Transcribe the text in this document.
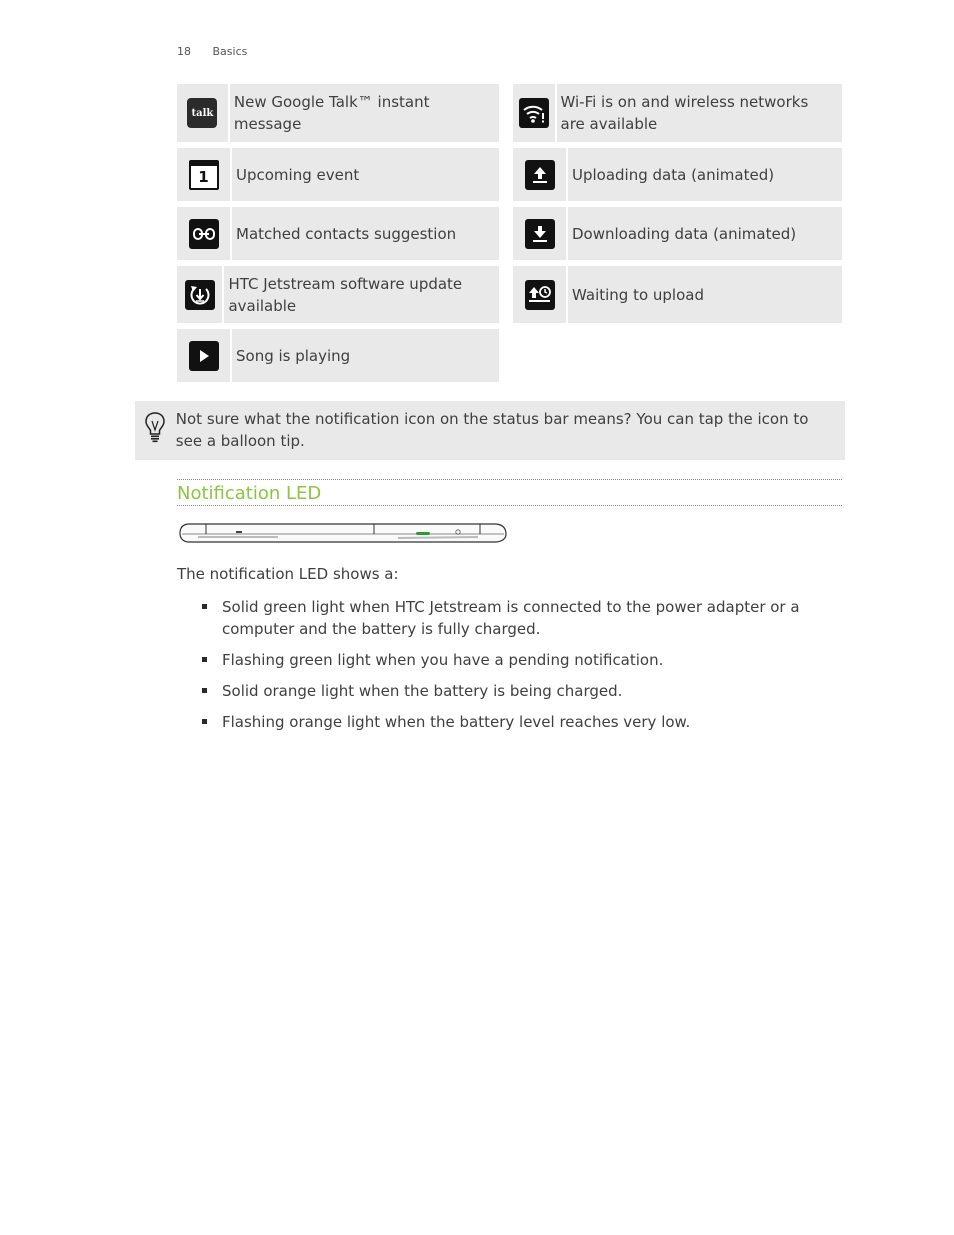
18 Basics
talk
New Google Talk™ instant message
1 Upcoming event
Matched contacts suggestion
HTC Jetstream software update available
Song is playing
Wi-Fi is on and wireless networks are available
Uploading data (animated)
Downloading data (animated)
Waiting to upload
Not sure what the notification icon on the status bar means? You can tap the icon to see a balloon tip.
Notification LED
The notification LED shows a:
Solid green light when HTC Jetstream is connected to the power adapter or a computer and the battery is fully charged.
Flashing green light when you have a pending notification.
Solid orange light when the battery is being charged.
Flashing orange light when the battery level reaches very low.
